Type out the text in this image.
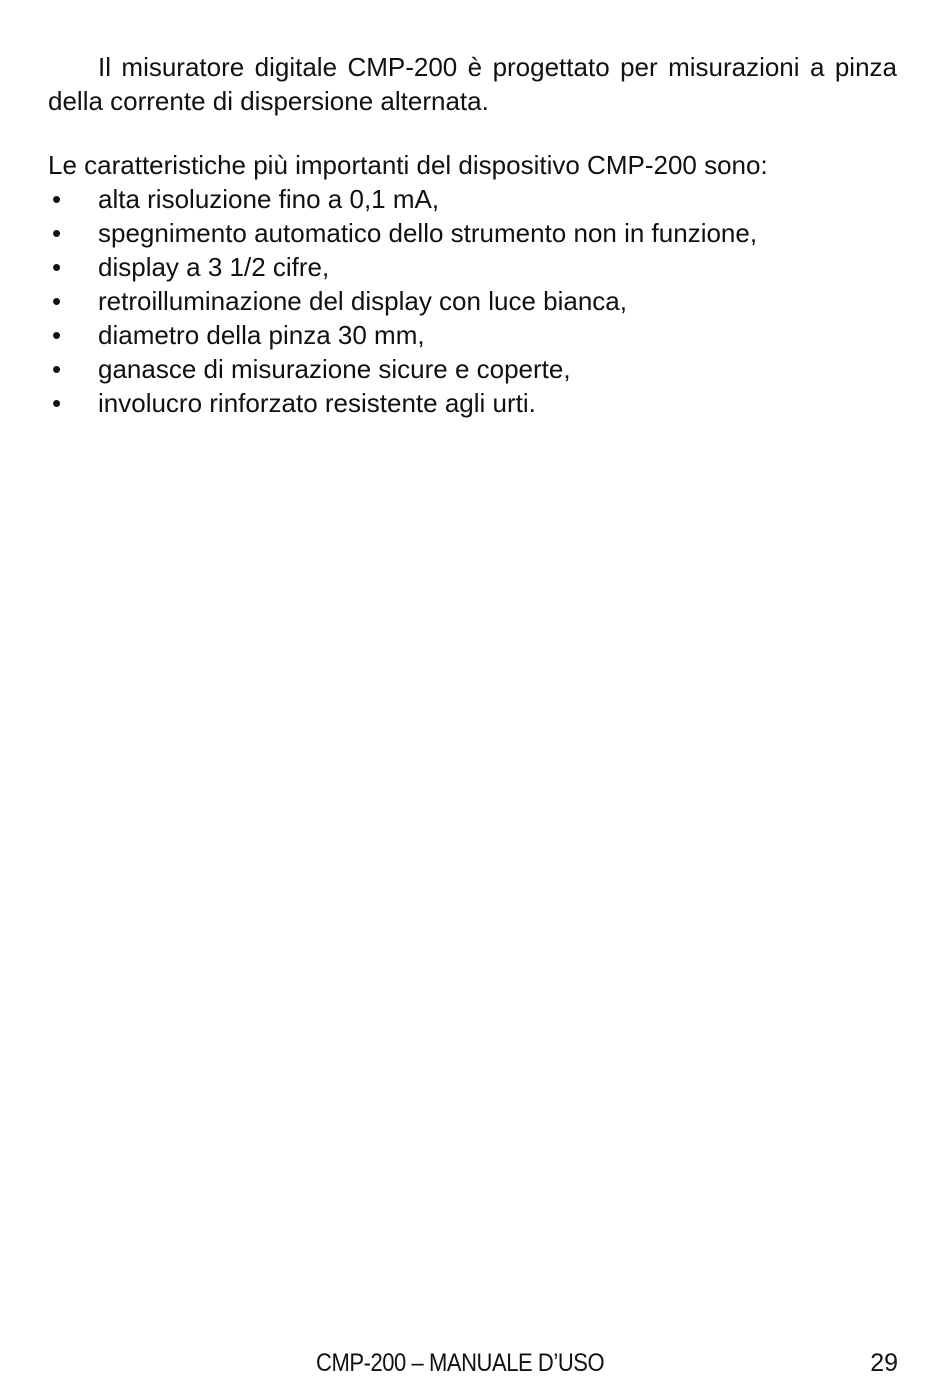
Il misuratore digitale CMP-200 è progettato per misurazioni a pinza della corrente di dispersione alternata.

Le caratteristiche più importanti del dispositivo CMP-200 sono:

• alta risoluzione fino a 0,1 mA,
• spegnimento automatico dello strumento non in funzione,
• display a 3 1/2 cifre,
• retroilluminazione del display con luce bianca,
• diametro della pinza 30 mm,
• ganasce di misurazione sicure e coperte,
• involucro rinforzato resistente agli urti.
CMP-200 – MANUALE D’USO	29
